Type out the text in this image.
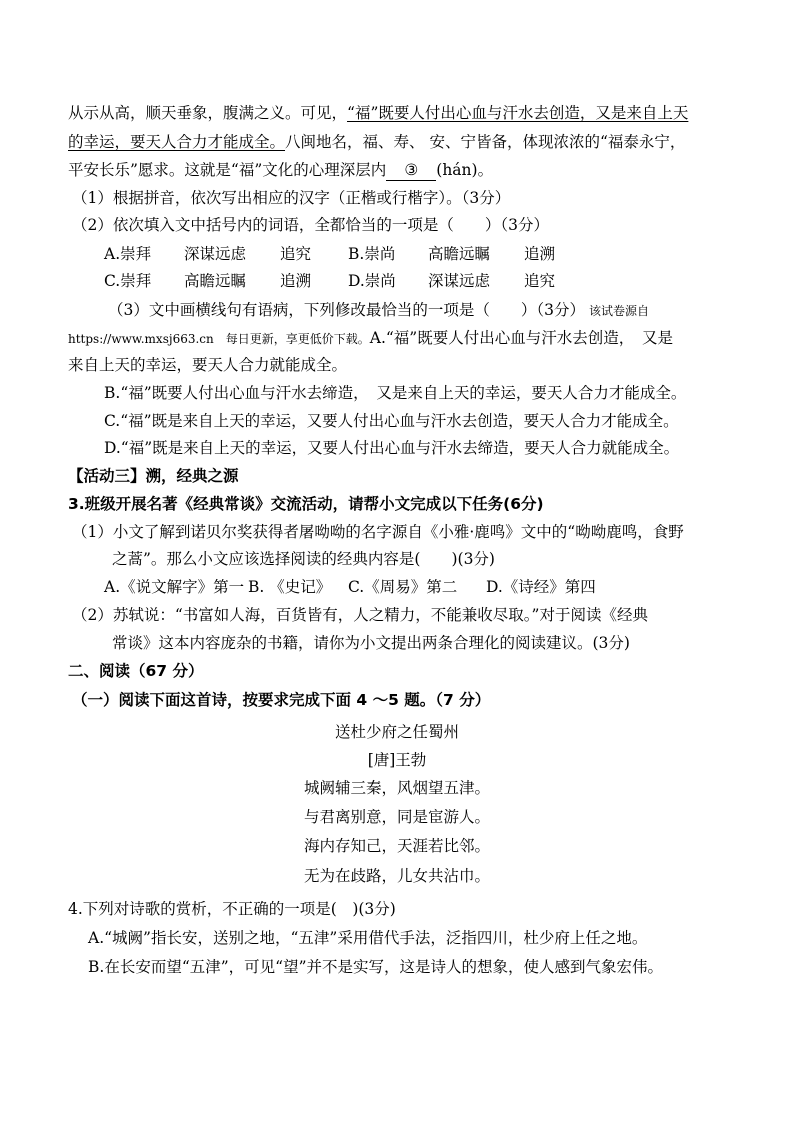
从示从高，顺天垂象，腹满之义。可见，“福”既要人付出心血与汗水去创造，又是来自上天
的幸运，要天人合力才能成全。八闽地名，福、寿、 安、宁皆备，体现浓浓的“福泰永宁，
平安长乐”愿求。这就是“福”文化的心理深层内 ③ (hán)。
（1）根据拼音，依次写出相应的汉字（正楷或行楷字）。（3分）
（2）依次填入文中括号内的词语，全都恰当的一项是（　　）（3分）
A.崇拜 深谋远虑 追究 B.崇尚 高瞻远瞩 追溯
C.崇拜 高瞻远瞩 追溯 D.崇尚 深谋远虑 追究
（3）文中画横线句有语病，下列修改最恰当的一项是（　　）（3分） 该试卷源自
https://www.mxsj663.cn　每日更新，享更低价下载。A.“福”既要人付出心血与汗水去创造，　又是
来自上天的幸运，要天人合力就能成全。
B.“福”既要人付出心血与汗水去缔造，　又是来自上天的幸运，要天人合力才能成全。
C.“福”既是来自上天的幸运，又要人付出心血与汗水去创造，要天人合力才能成全。
D.“福”既是来自上天的幸运，又要人付出心血与汗水去缔造，要天人合力就能成全。
【活动三】溯，经典之源
3.班级开展名著《经典常谈》交流活动，请帮小文完成以下任务(6分)
（1）小文了解到诺贝尔奖获得者屠呦呦的名字源自《小雅·鹿鸣》文中的“呦呦鹿鸣，食野
之蒿”。那么小文应该选择阅读的经典内容是(　　)(3分)
A.《说文解字》第一 B. 《史记》 C.《周易》第二 D.《诗经》第四
（2）苏轼说：“书富如人海，百货皆有，人之精力，不能兼收尽取。”对于阅读《经典
常谈》这本内容庞杂的书籍，请你为小文提出两条合理化的阅读建议。(3分)
二、阅读（67 分）
（一）阅读下面这首诗，按要求完成下面 4 ～5 题。（7 分）
送杜少府之任蜀州
[唐]王勃
城阙辅三秦，风烟望五津。
与君离别意，同是宦游人。
海内存知己，天涯若比邻。
无为在歧路，儿女共沾巾。
4.下列对诗歌的赏析，不正确的一项是(　)(3分)
A.“城阙”指长安，送别之地，“五津”采用借代手法，泛指四川，杜少府上任之地。
B.在长安而望“五津”，可见“望”并不是实写，这是诗人的想象，使人感到气象宏伟。
